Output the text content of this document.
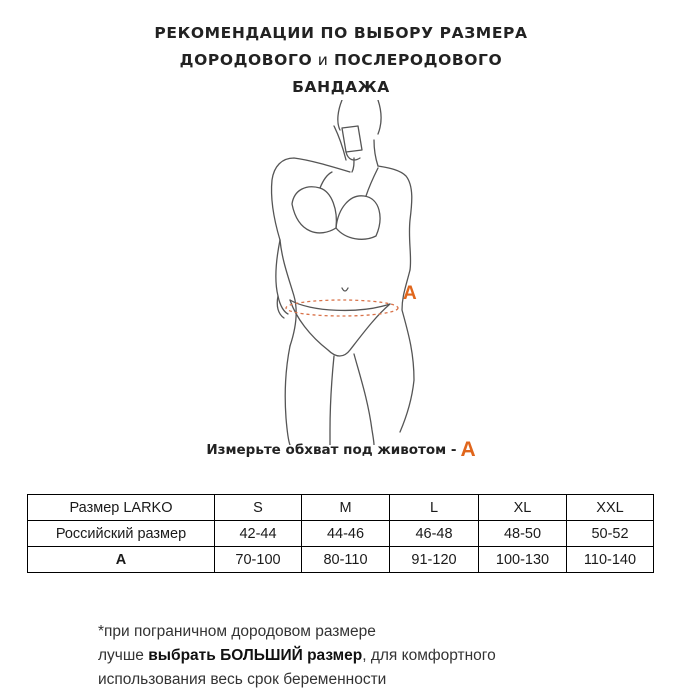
РЕКОМЕНДАЦИИ ПО ВЫБОРУ РАЗМЕРА
ДОРОДОВОГО и ПОСЛЕРОДОВОГО
БАНДАЖА
A
Измерьте обхват под животом - A
Размер LARKO	S	M	L	XL	XXL
Российский размер	42-44	44-46	46-48	48-50	50-52
A	70-100	80-110	91-120	100-130	110-140
*при пограничном дородовом размере
лучше выбрать БОЛЬШИЙ размер, для комфортного
использования весь срок беременности
